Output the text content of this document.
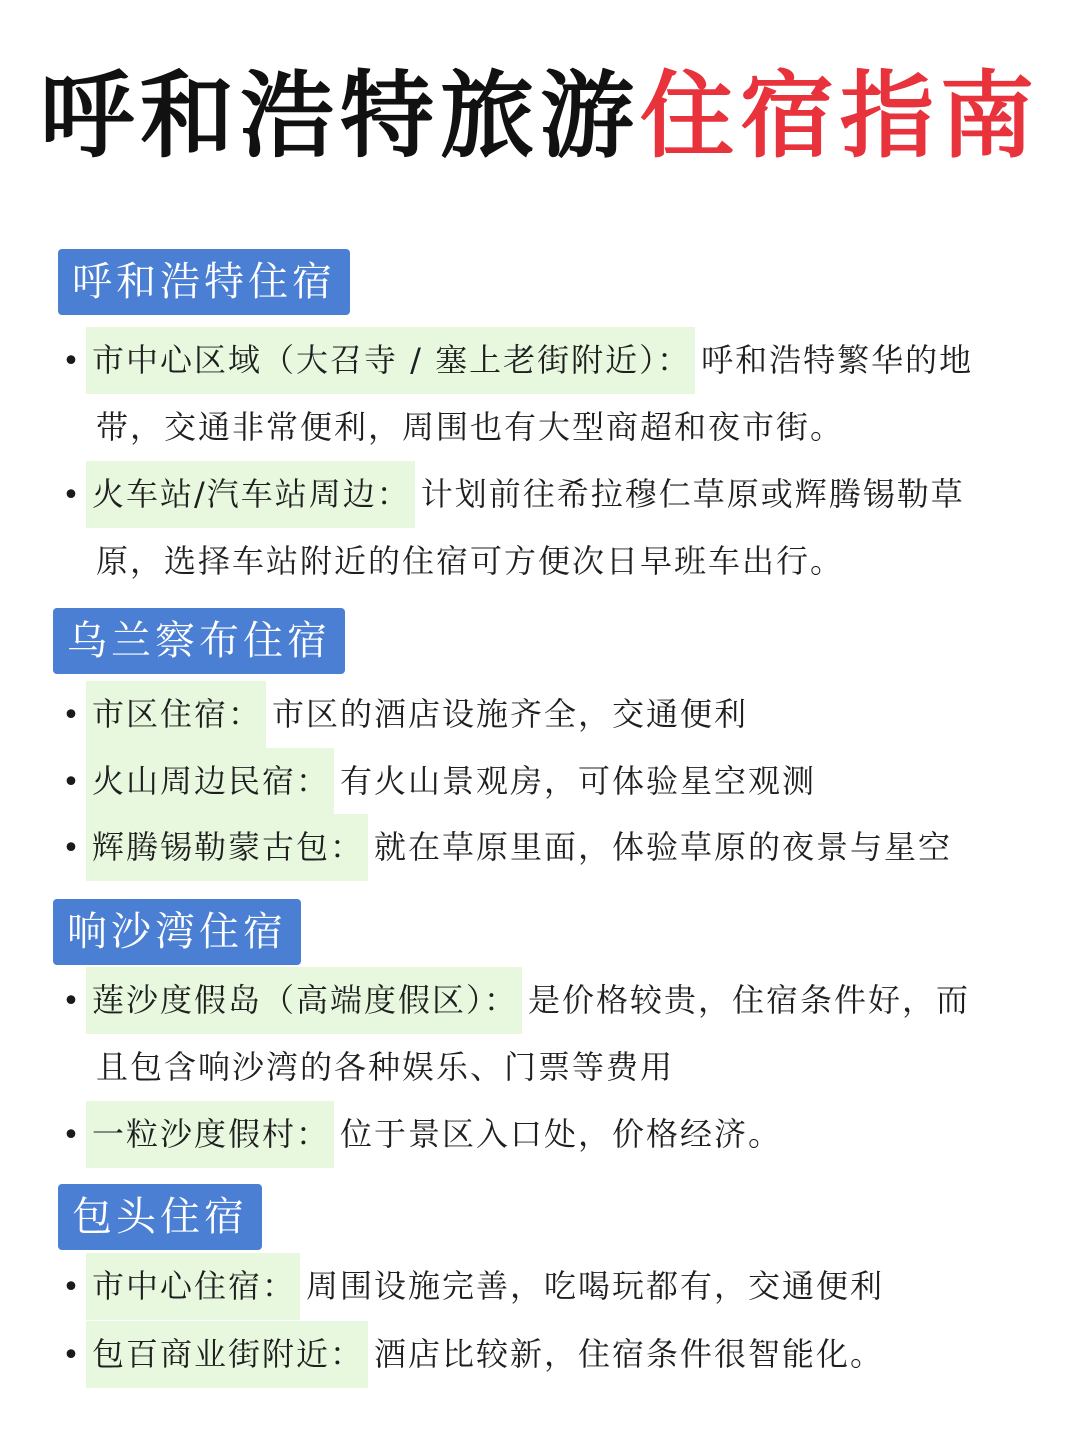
呼和浩特旅游住宿指南
呼和浩特住宿
• 市中心区域（大召寺 / 塞上老街附近）： 呼和浩特繁华的地
带，交通非常便利，周围也有大型商超和夜市街。
• 火车站/汽车站周边： 计划前往希拉穆仁草原或辉腾锡勒草
原，选择车站附近的住宿可方便次日早班车出行。
乌兰察布住宿
• 市区住宿： 市区的酒店设施齐全，交通便利
• 火山周边民宿： 有火山景观房，可体验星空观测
• 辉腾锡勒蒙古包： 就在草原里面，体验草原的夜景与星空
响沙湾住宿
• 莲沙度假岛（高端度假区）： 是价格较贵，住宿条件好，而
且包含响沙湾的各种娱乐、门票等费用
• 一粒沙度假村： 位于景区入口处，价格经济。
包头住宿
• 市中心住宿： 周围设施完善，吃喝玩都有，交通便利
• 包百商业街附近： 酒店比较新，住宿条件很智能化。
